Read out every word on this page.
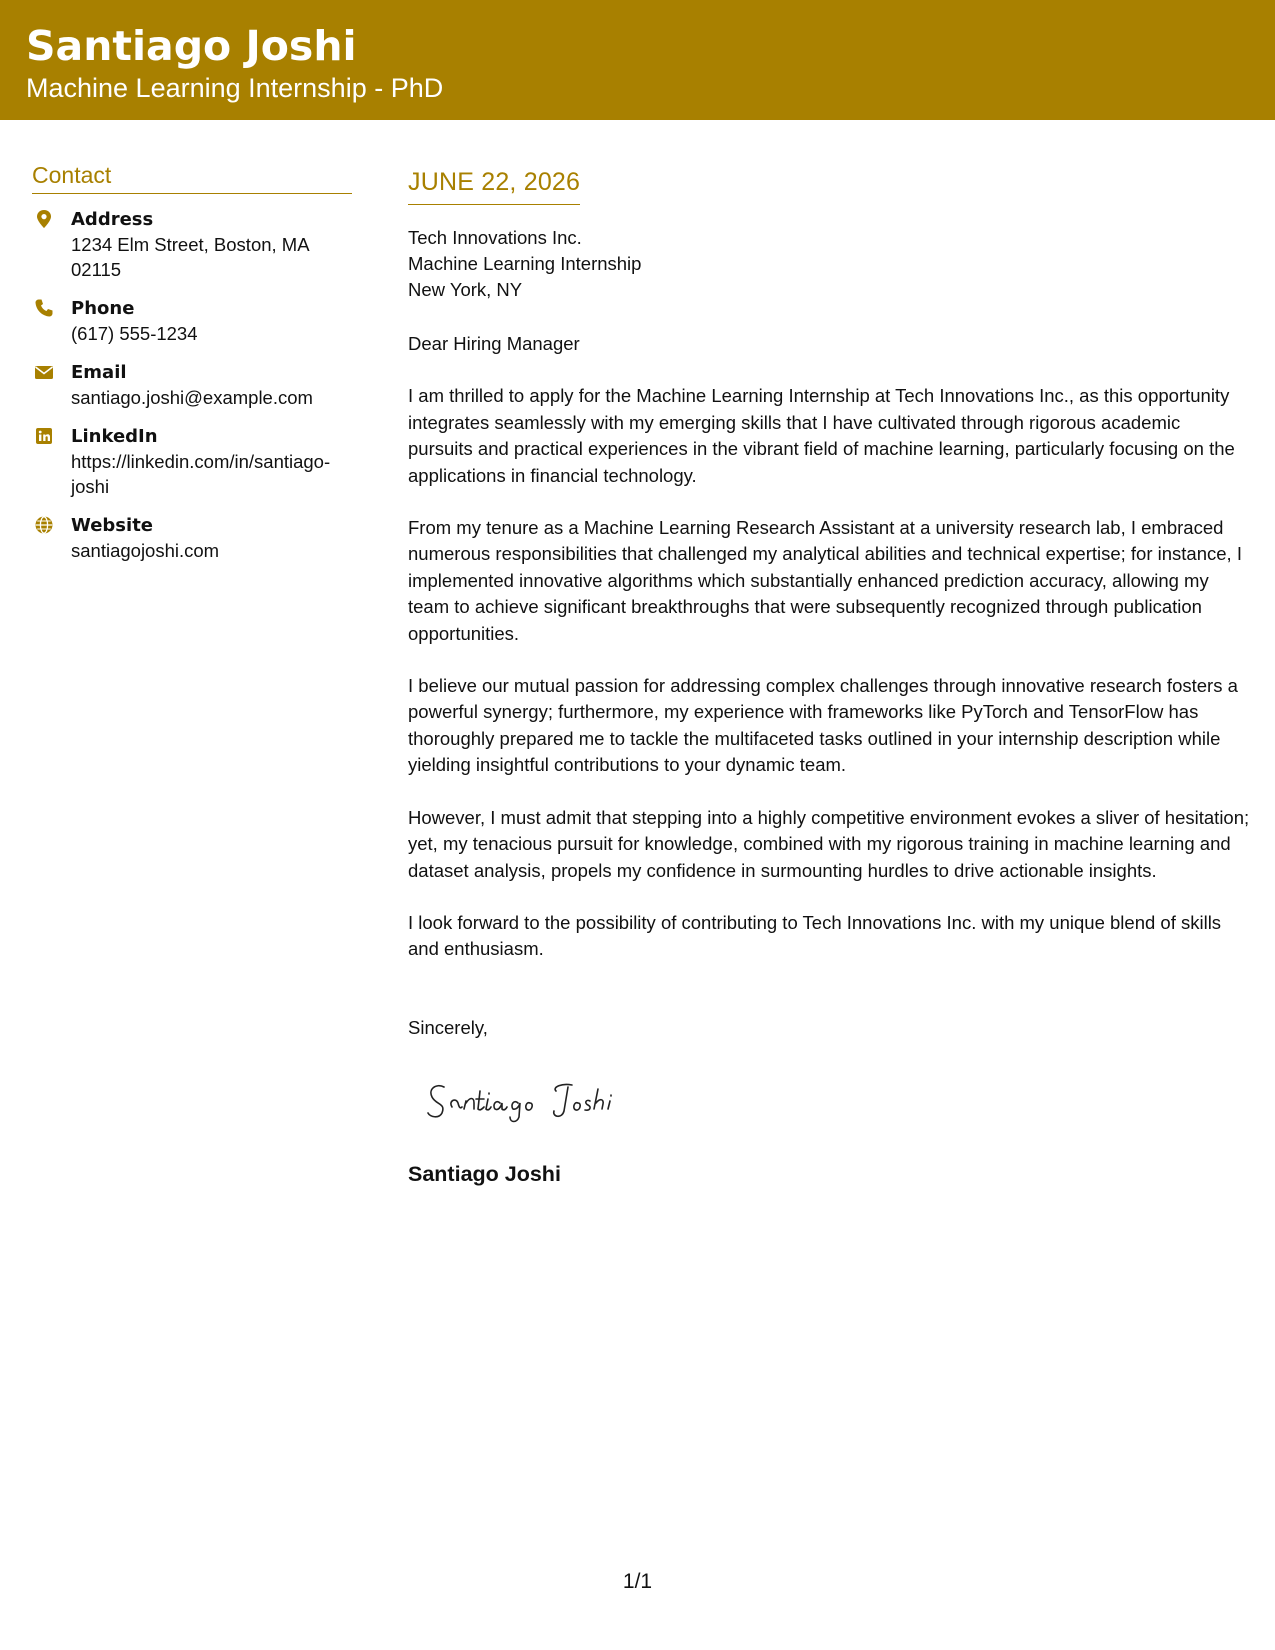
Santiago Joshi
Machine Learning Internship - PhD
Contact
Address
1234 Elm Street, Boston, MA 02115
Phone
(617) 555-1234
Email
santiago.joshi@example.com
LinkedIn
https://linkedin.com/in/santiago-joshi
Website
santiagojoshi.com
JUNE 22, 2026
Tech Innovations Inc.
Machine Learning Internship
New York, NY
Dear Hiring Manager
I am thrilled to apply for the Machine Learning Internship at Tech Innovations Inc., as this opportunity integrates seamlessly with my emerging skills that I have cultivated through rigorous academic pursuits and practical experiences in the vibrant field of machine learning, particularly focusing on the applications in financial technology.
From my tenure as a Machine Learning Research Assistant at a university research lab, I embraced numerous responsibilities that challenged my analytical abilities and technical expertise; for instance, I implemented innovative algorithms which substantially enhanced prediction accuracy, allowing my team to achieve significant breakthroughs that were subsequently recognized through publication opportunities.
I believe our mutual passion for addressing complex challenges through innovative research fosters a powerful synergy; furthermore, my experience with frameworks like PyTorch and TensorFlow has thoroughly prepared me to tackle the multifaceted tasks outlined in your internship description while yielding insightful contributions to your dynamic team.
However, I must admit that stepping into a highly competitive environment evokes a sliver of hesitation; yet, my tenacious pursuit for knowledge, combined with my rigorous training in machine learning and dataset analysis, propels my confidence in surmounting hurdles to drive actionable insights.
I look forward to the possibility of contributing to Tech Innovations Inc. with my unique blend of skills and enthusiasm.
Sincerely,
Santiago Joshi
1/1
